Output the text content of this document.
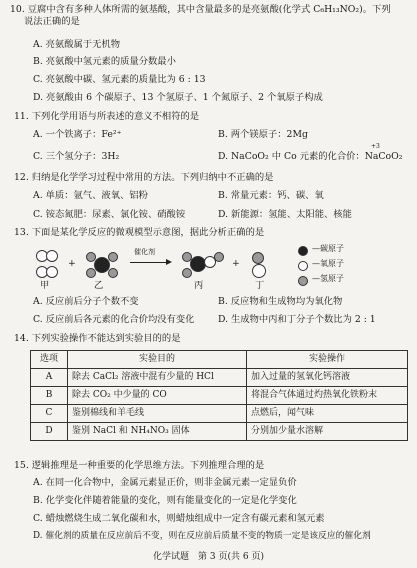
10. 豆腐中含有多种人体所需的氨基酸，其中含量最多的是亮氨酸(化学式 C₆H₁₃NO₂)。下列
说法正确的是
A. 亮氨酸属于无机物
B. 亮氨酸中氢元素的质量分数最小
C. 亮氨酸中碳、氢元素的质量比为 6 : 13
D. 亮氨酸由 6 个碳原子、13 个氢原子、1 个氮原子、2 个氧原子构成
11. 下列化学用语与所表述的意义不相符的是
A. 一个铁离子：Fe²⁺	B. 两个镁原子：2Mg
C. 三个氢分子：3H₂	D. NaCoO₂ 中 Co 元素的化合价：NaCoO₂
+3
12. 归纳是化学学习过程中常用的方法。下列归纳中不正确的是
A. 单质：氩气、液氧、铝粉	B. 常量元素：钙、碳、氧
C. 铵态氮肥：尿素、氯化铵、硝酸铵	D. 新能源：氢能、太阳能、核能
13. 下面是某化学反应的微观模型示意图，据此分析正确的是
甲
+
乙
催化剂
丙
+
丁
—碳原子
—氧原子
—氢原子
A. 反应前后分子个数不变	B. 反应物和生成物均为氧化物
C. 反应前后各元素的化合价均没有变化	D. 生成物中丙和丁分子个数比为 2 : 1
14. 下列实验操作不能达到实验目的的是
选项	实验目的	实验操作
A	除去 CaCl₂ 溶液中混有少量的 HCl	加入过量的氢氧化钙溶液
B	除去 CO₂ 中少量的 CO	将混合气体通过灼热氧化铁粉末
C	鉴别棉线和羊毛线	点燃后，闻气味
D	鉴别 NaCl 和 NH₄NO₃ 固体	分别加少量水溶解
15. 逻辑推理是一种重要的化学思维方法。下列推理合理的是
A. 在同一化合物中，金属元素显正价，则非金属元素一定显负价
B. 化学变化伴随着能量的变化，则有能量变化的一定是化学变化
C. 蜡烛燃烧生成二氧化碳和水，则蜡烛组成中一定含有碳元素和氢元素
D. 催化剂的质量在反应前后不变，则在反应前后质量不变的物质一定是该反应的催化剂
化学试题　第 3 页(共 6 页)
